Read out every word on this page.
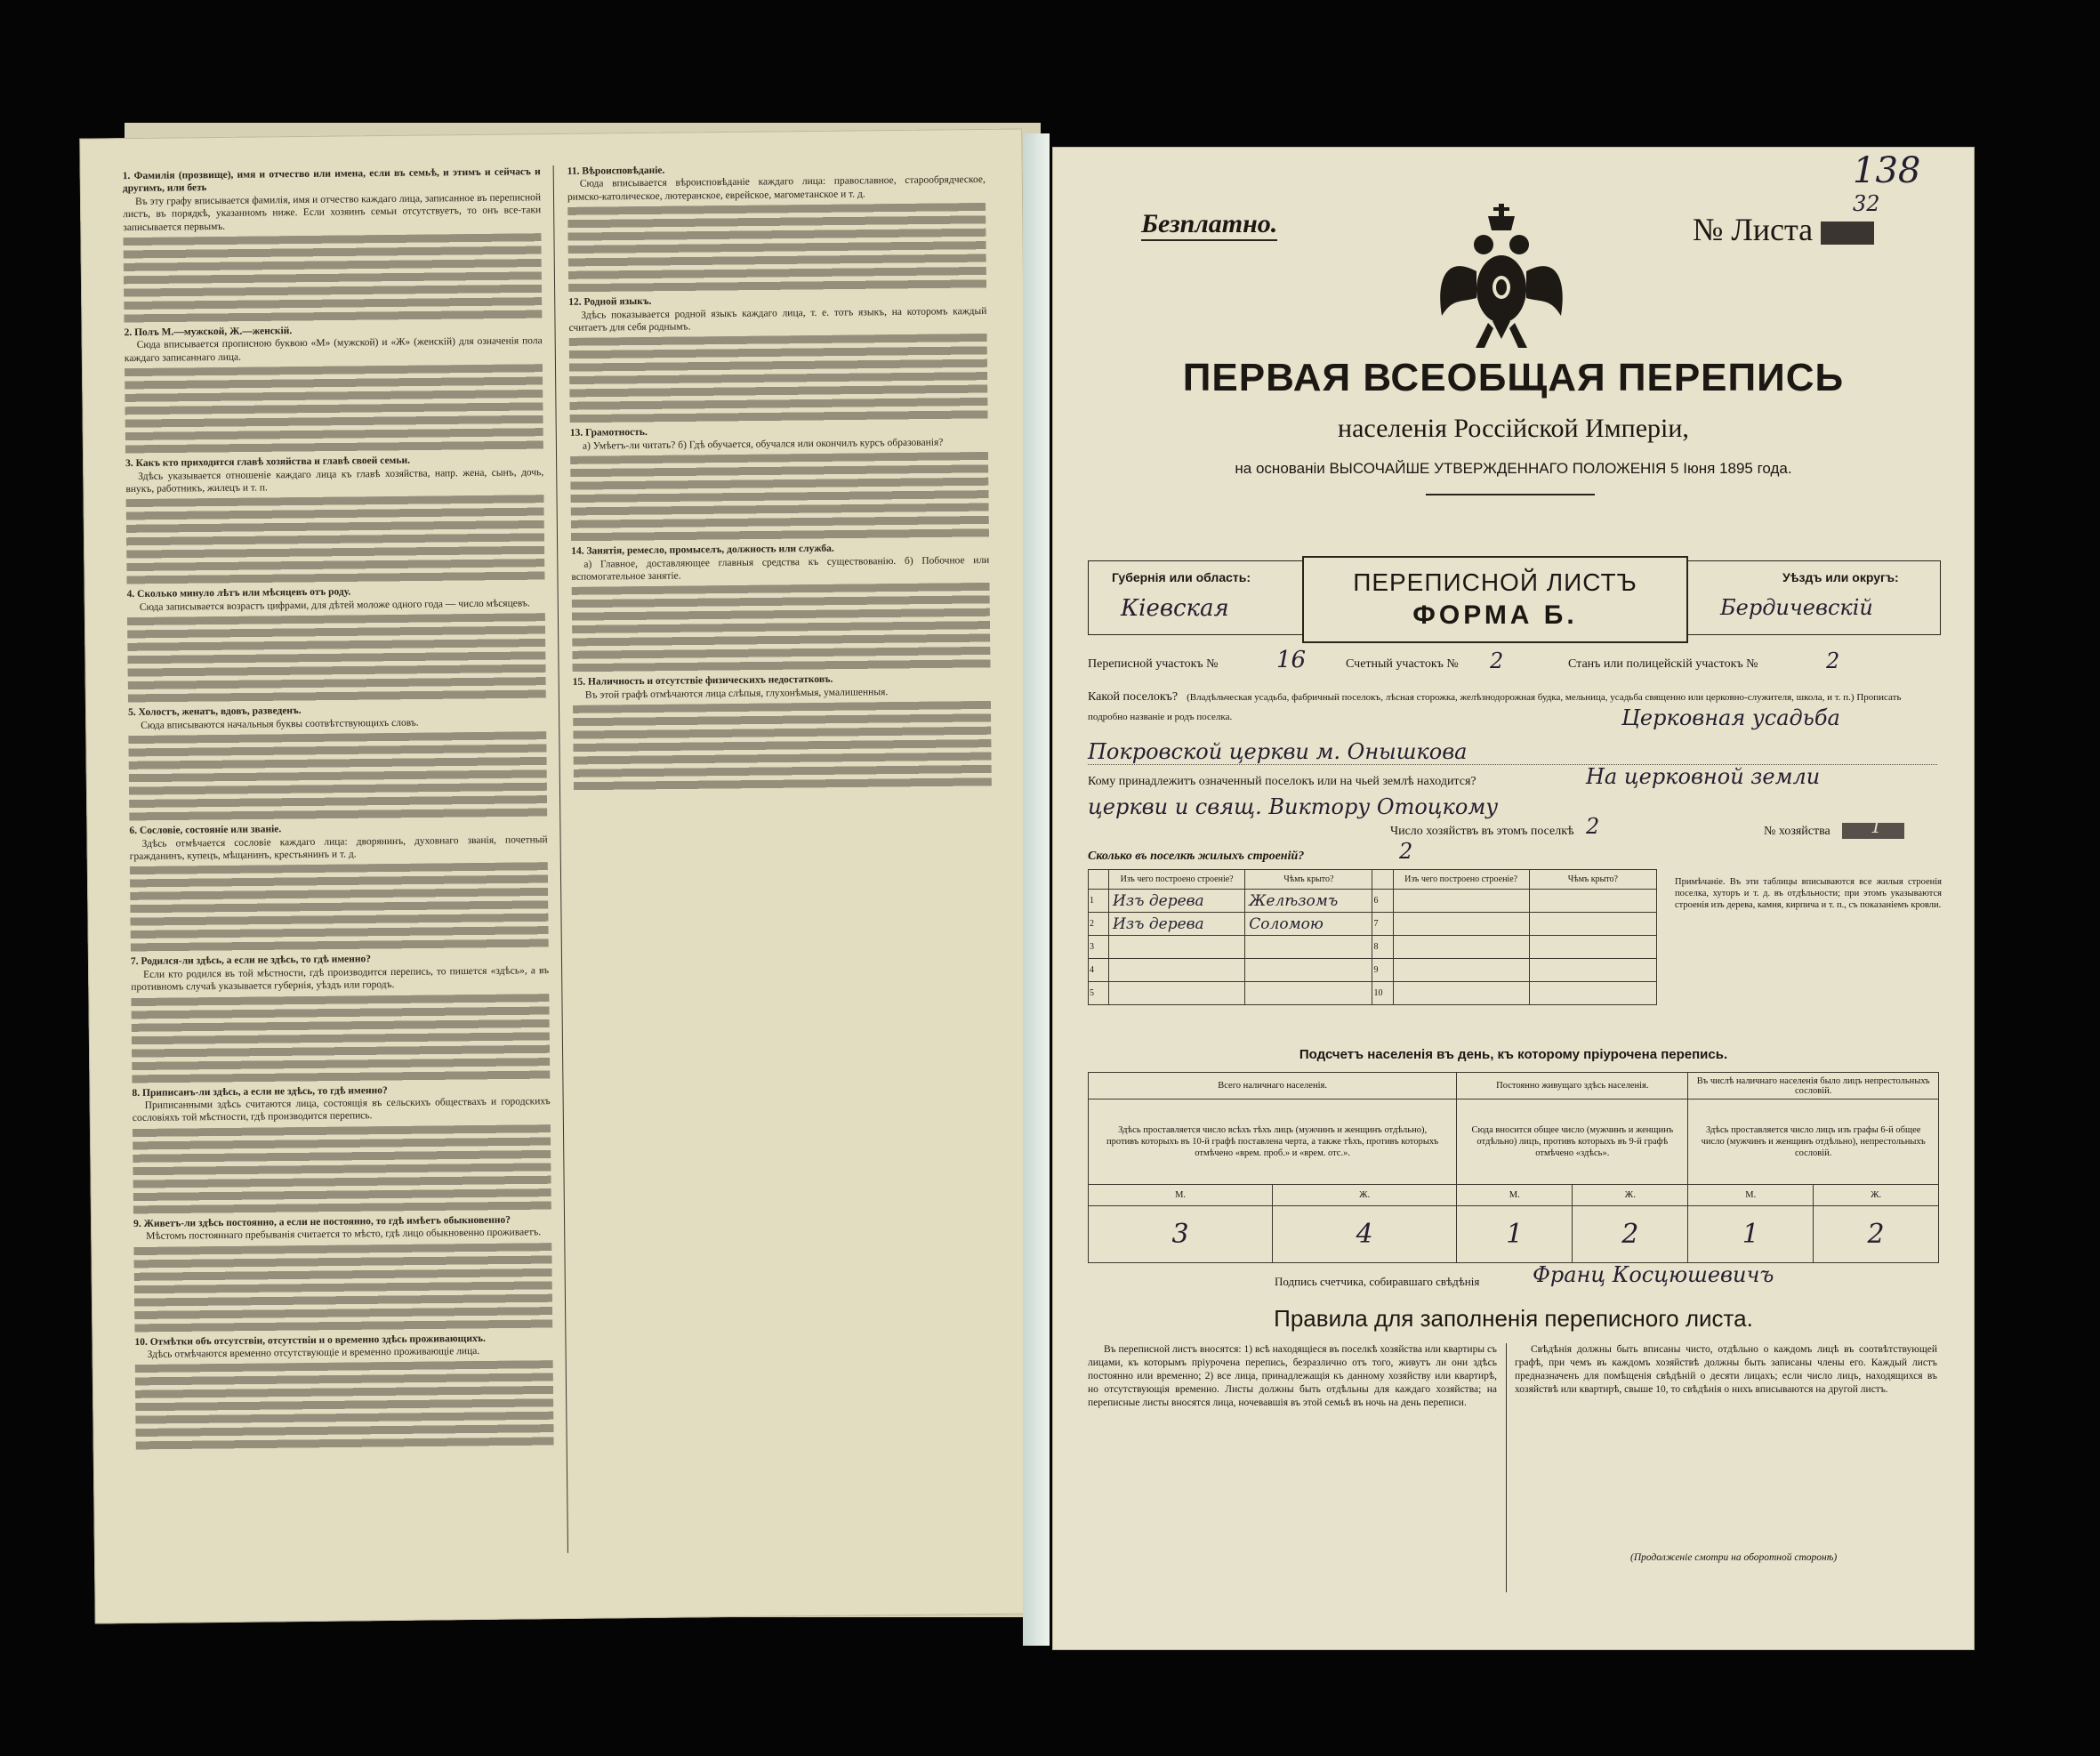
1. Фамилія (прозвище), имя и отчество или имена, если въ семьѣ, и этимъ и сейчасъ и другимъ, или безъ

Въ эту графу вписывается фамилія, имя и отчество каждаго лица, записанное въ переписной листъ, въ порядкѣ, указанномъ ниже. Если хозяинъ семьи отсутствуетъ, то онъ все-таки записывается первымъ.

2. Полъ М.—мужской, Ж.—женскій.

Сюда вписывается прописною буквою «М» (мужской) и «Ж» (женскій) для означенія пола каждаго записаннаго лица.

3. Какъ кто приходится главѣ хозяйства и главѣ своей семьи.

Здѣсь указывается отношеніе каждаго лица къ главѣ хозяйства, напр. жена, сынъ, дочь, внукъ, работникъ, жилецъ и т. п.

4. Сколько минуло лѣтъ или мѣсяцевъ отъ роду.

Сюда записывается возрастъ цифрами, для дѣтей моложе одного года — число мѣсяцевъ.

5. Холостъ, женатъ, вдовъ, разведенъ.

Сюда вписываются начальныя буквы соотвѣтствующихъ словъ.

6. Сословіе, состояніе или званіе.

Здѣсь отмѣчается сословіе каждаго лица: дворянинъ, духовнаго званія, почетный гражданинъ, купецъ, мѣщанинъ, крестьянинъ и т. д.

7. Родился-ли здѣсь, а если не здѣсь, то гдѣ именно?

Если кто родился въ той мѣстности, гдѣ производится перепись, то пишется «здѣсь», а въ противномъ случаѣ указывается губернія, уѣздъ или городъ.

8. Приписанъ-ли здѣсь, а если не здѣсь, то гдѣ именно?

Приписанными здѣсь считаются лица, состоящія въ сельскихъ обществахъ и городскихъ сословіяхъ той мѣстности, гдѣ производится перепись.

9. Живетъ-ли здѣсь постоянно, а если не постоянно, то гдѣ имѣетъ обыкновенно?

Мѣстомъ постояннаго пребыванія считается то мѣсто, гдѣ лицо обыкновенно проживаетъ.

10. Отмѣтки объ отсутствіи, отсутствіи и о временно здѣсь проживающихъ.

Здѣсь отмѣчаются временно отсутствующіе и временно проживающіе лица.

11. Вѣроисповѣданіе.

Сюда вписывается вѣроисповѣданіе каждаго лица: православное, старообрядческое, римско-католическое, лютеранское, еврейское, магометанское и т. д.

12. Родной языкъ.

Здѣсь показывается родной языкъ каждаго лица, т. е. тотъ языкъ, на которомъ каждый считаетъ для себя роднымъ.

13. Грамотность.

а) Умѣетъ-ли читать? б) Гдѣ обучается, обучался или окончилъ курсъ образованія?

14. Занятія, ремесло, промыселъ, должность или служба.

а) Главное, доставляющее главныя средства къ существованію. б) Побочное или вспомогательное занятіе.

15. Наличность и отсутствіе физическихъ недостатковъ.

Въ этой графѣ отмѣчаются лица слѣпыя, глухонѣмыя, умалишенныя.

138
32
Безплатно.	№ Листа
ПЕРВАЯ ВСЕОБЩАЯ ПЕРЕПИСЬ
населенія Россійской Имперіи,
на основаніи ВЫСОЧАЙШЕ УТВЕРЖДЕННАГО ПОЛОЖЕНІЯ 5 Іюня 1895 года.
Губернія или область:
Кіевская
ПЕРЕПИСНОЙ ЛИСТЪ
ФОРМА Б.
Уѣздъ или округъ:
Бердичевскій
Переписной участокъ №	16	Счетный участокъ № 2	Станъ или полицейскій участокъ №	2
Какой поселокъ? (Владѣльческая усадьба, фабричный поселокъ, лѣсная сторожка, желѣзнодорожная будка, мельница, усадьба священно или церковно-служителя, школа, и т. п.) Прописать подробно названіе и родъ поселка.	Церковная усадьба
Покровской церкви м. Онышкова
Кому принадлежитъ означенный поселокъ или на чьей землѣ находится?	На церковной земли
церкви и свящ. Виктору Отоцкому
Число хозяйствъ въ этомъ поселкѣ 2	№ хозяйства 1
Сколько въ поселкѣ жилыхъ строеній?	2
	Изъ чего построено строеніе?	Чѣмъ крыто?		Изъ чего построено строеніе?	Чѣмъ крыто?
1	Изъ дерева	Желѣзомъ	6		
2	Изъ дерева	Соломою	7		
3			8		
4			9		
5			10		
Примѣчаніе. Въ эти таблицы вписываются все жилыя строенія поселка, хуторъ и т. д. въ отдѣльности; при этомъ указываются строенія изъ дерева, камня, кирпича и т. п., съ показаніемъ кровли.
Подсчетъ населенія въ день, къ которому пріурочена перепись.
Всего наличнаго населенія.		Постоянно живущаго здѣсь населенія.		Въ числѣ наличнаго населенія было лицъ непрестольныхъ сословій.	
Здѣсь проставляется число всѣхъ тѣхъ лицъ (мужчинъ и женщинъ отдѣльно), противъ которыхъ въ 10-й графѣ поставлена черта, а также тѣхъ, противъ которыхъ отмѣчено «врем. проб.» и «врем. отс.».		Сюда вносится общее число (мужчинъ и женщинъ отдѣльно) лицъ, противъ которыхъ въ 9-й графѣ отмѣчено «здѣсь».		Здѣсь проставляется число лицъ изъ графы 6-й общее число (мужчинъ и женщинъ отдѣльно), непрестольныхъ сословій.	
М.	Ж.	М.	Ж.	М.	Ж.
3	4	1	2	1	2
Подпись счетчика, собиравшаго свѣдѣнія Франц Косцюшевичъ
Правила для заполненія переписного листа.
Въ переписной листъ вносятся: 1) всѣ находящіеся въ поселкѣ хозяйства или квартиры съ лицами, къ которымъ пріурочена перепись, безразлично отъ того, живутъ ли они здѣсь постоянно или временно; 2) все лица, принадлежащія къ данному хозяйству или квартирѣ, но отсутствующія временно. Листы должны быть отдѣльны для каждаго хозяйства; на переписные листы вносятся лица, ночевавшія въ этой семьѣ въ ночь на день переписи.
Свѣдѣнія должны быть вписаны чисто, отдѣльно о каждомъ лицѣ въ соотвѣтствующей графѣ, при чемъ въ каждомъ хозяйствѣ должны быть записаны члены его. Каждый листъ предназначенъ для помѣщенія свѣдѣній о десяти лицахъ; если число лицъ, находящихся въ хозяйствѣ или квартирѣ, свыше 10, то свѣдѣнія о нихъ вписываются на другой листъ.
(Продолженіе смотри на оборотной сторонѣ)
